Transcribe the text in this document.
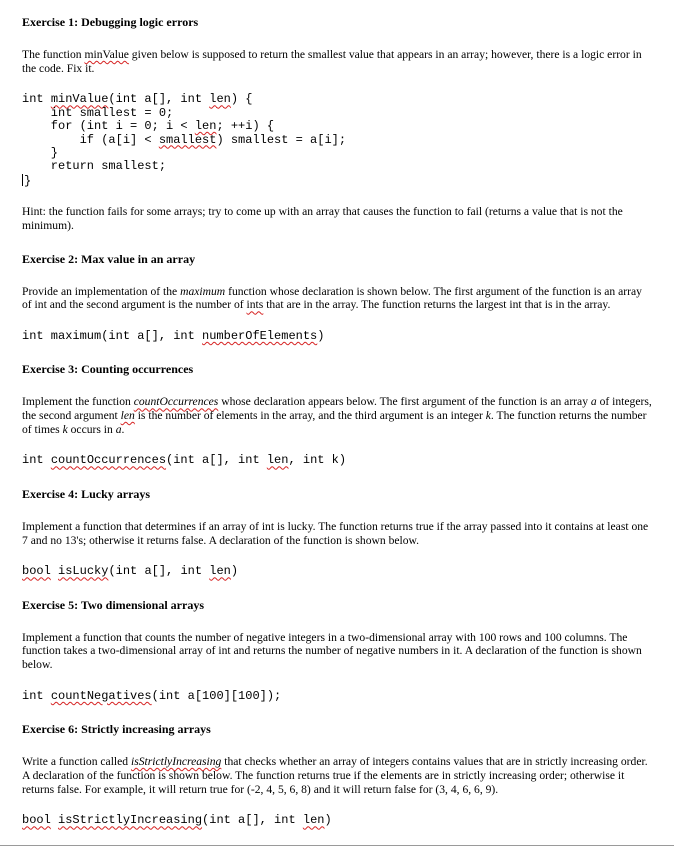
Exercise 1: Debugging logic errors

The function minValue given below is supposed to return the smallest value that appears in an array; however, there is a logic error in the code. Fix it.

int minValue(int a[], int len) {
int smallest = 0;
for (int i = 0; i < len; ++i) {
if (a[i] < smallest) smallest = a[i];
}
return smallest;
}

Hint: the function fails for some arrays; try to come up with an array that causes the function to fail (returns a value that is not the minimum).

Exercise 2: Max value in an array

Provide an implementation of the maximum function whose declaration is shown below. The first argument of the function is an array of int and the second argument is the number of ints that are in the array. The function returns the largest int that is in the array.

int maximum(int a[], int numberOfElements)
Exercise 3: Counting occurrences

Implement the function countOccurrences whose declaration appears below. The first argument of the function is an array a of integers, the second argument len is the number of elements in the array, and the third argument is an integer k. The function returns the number of times k occurs in a.

int countOccurrences(int a[], int len, int k)
Exercise 4: Lucky arrays

Implement a function that determines if an array of int is lucky. The function returns true if the array passed into it contains at least one 7 and no 13's; otherwise it returns false. A declaration of the function is shown below.

bool isLucky(int a[], int len)
Exercise 5: Two dimensional arrays

Implement a function that counts the number of negative integers in a two-dimensional array with 100 rows and 100 columns. The function takes a two-dimensional array of int and returns the number of negative numbers in it. A declaration of the function is shown below.

int countNegatives(int a[100][100]);
Exercise 6: Strictly increasing arrays

Write a function called isStrictlyIncreasing that checks whether an array of integers contains values that are in strictly increasing order. A declaration of the function is shown below. The function returns true if the elements are in strictly increasing order; otherwise it returns false. For example, it will return true for (-2, 4, 5, 6, 8) and it will return false for (3, 4, 6, 6, 9).

bool isStrictlyIncreasing(int a[], int len)
